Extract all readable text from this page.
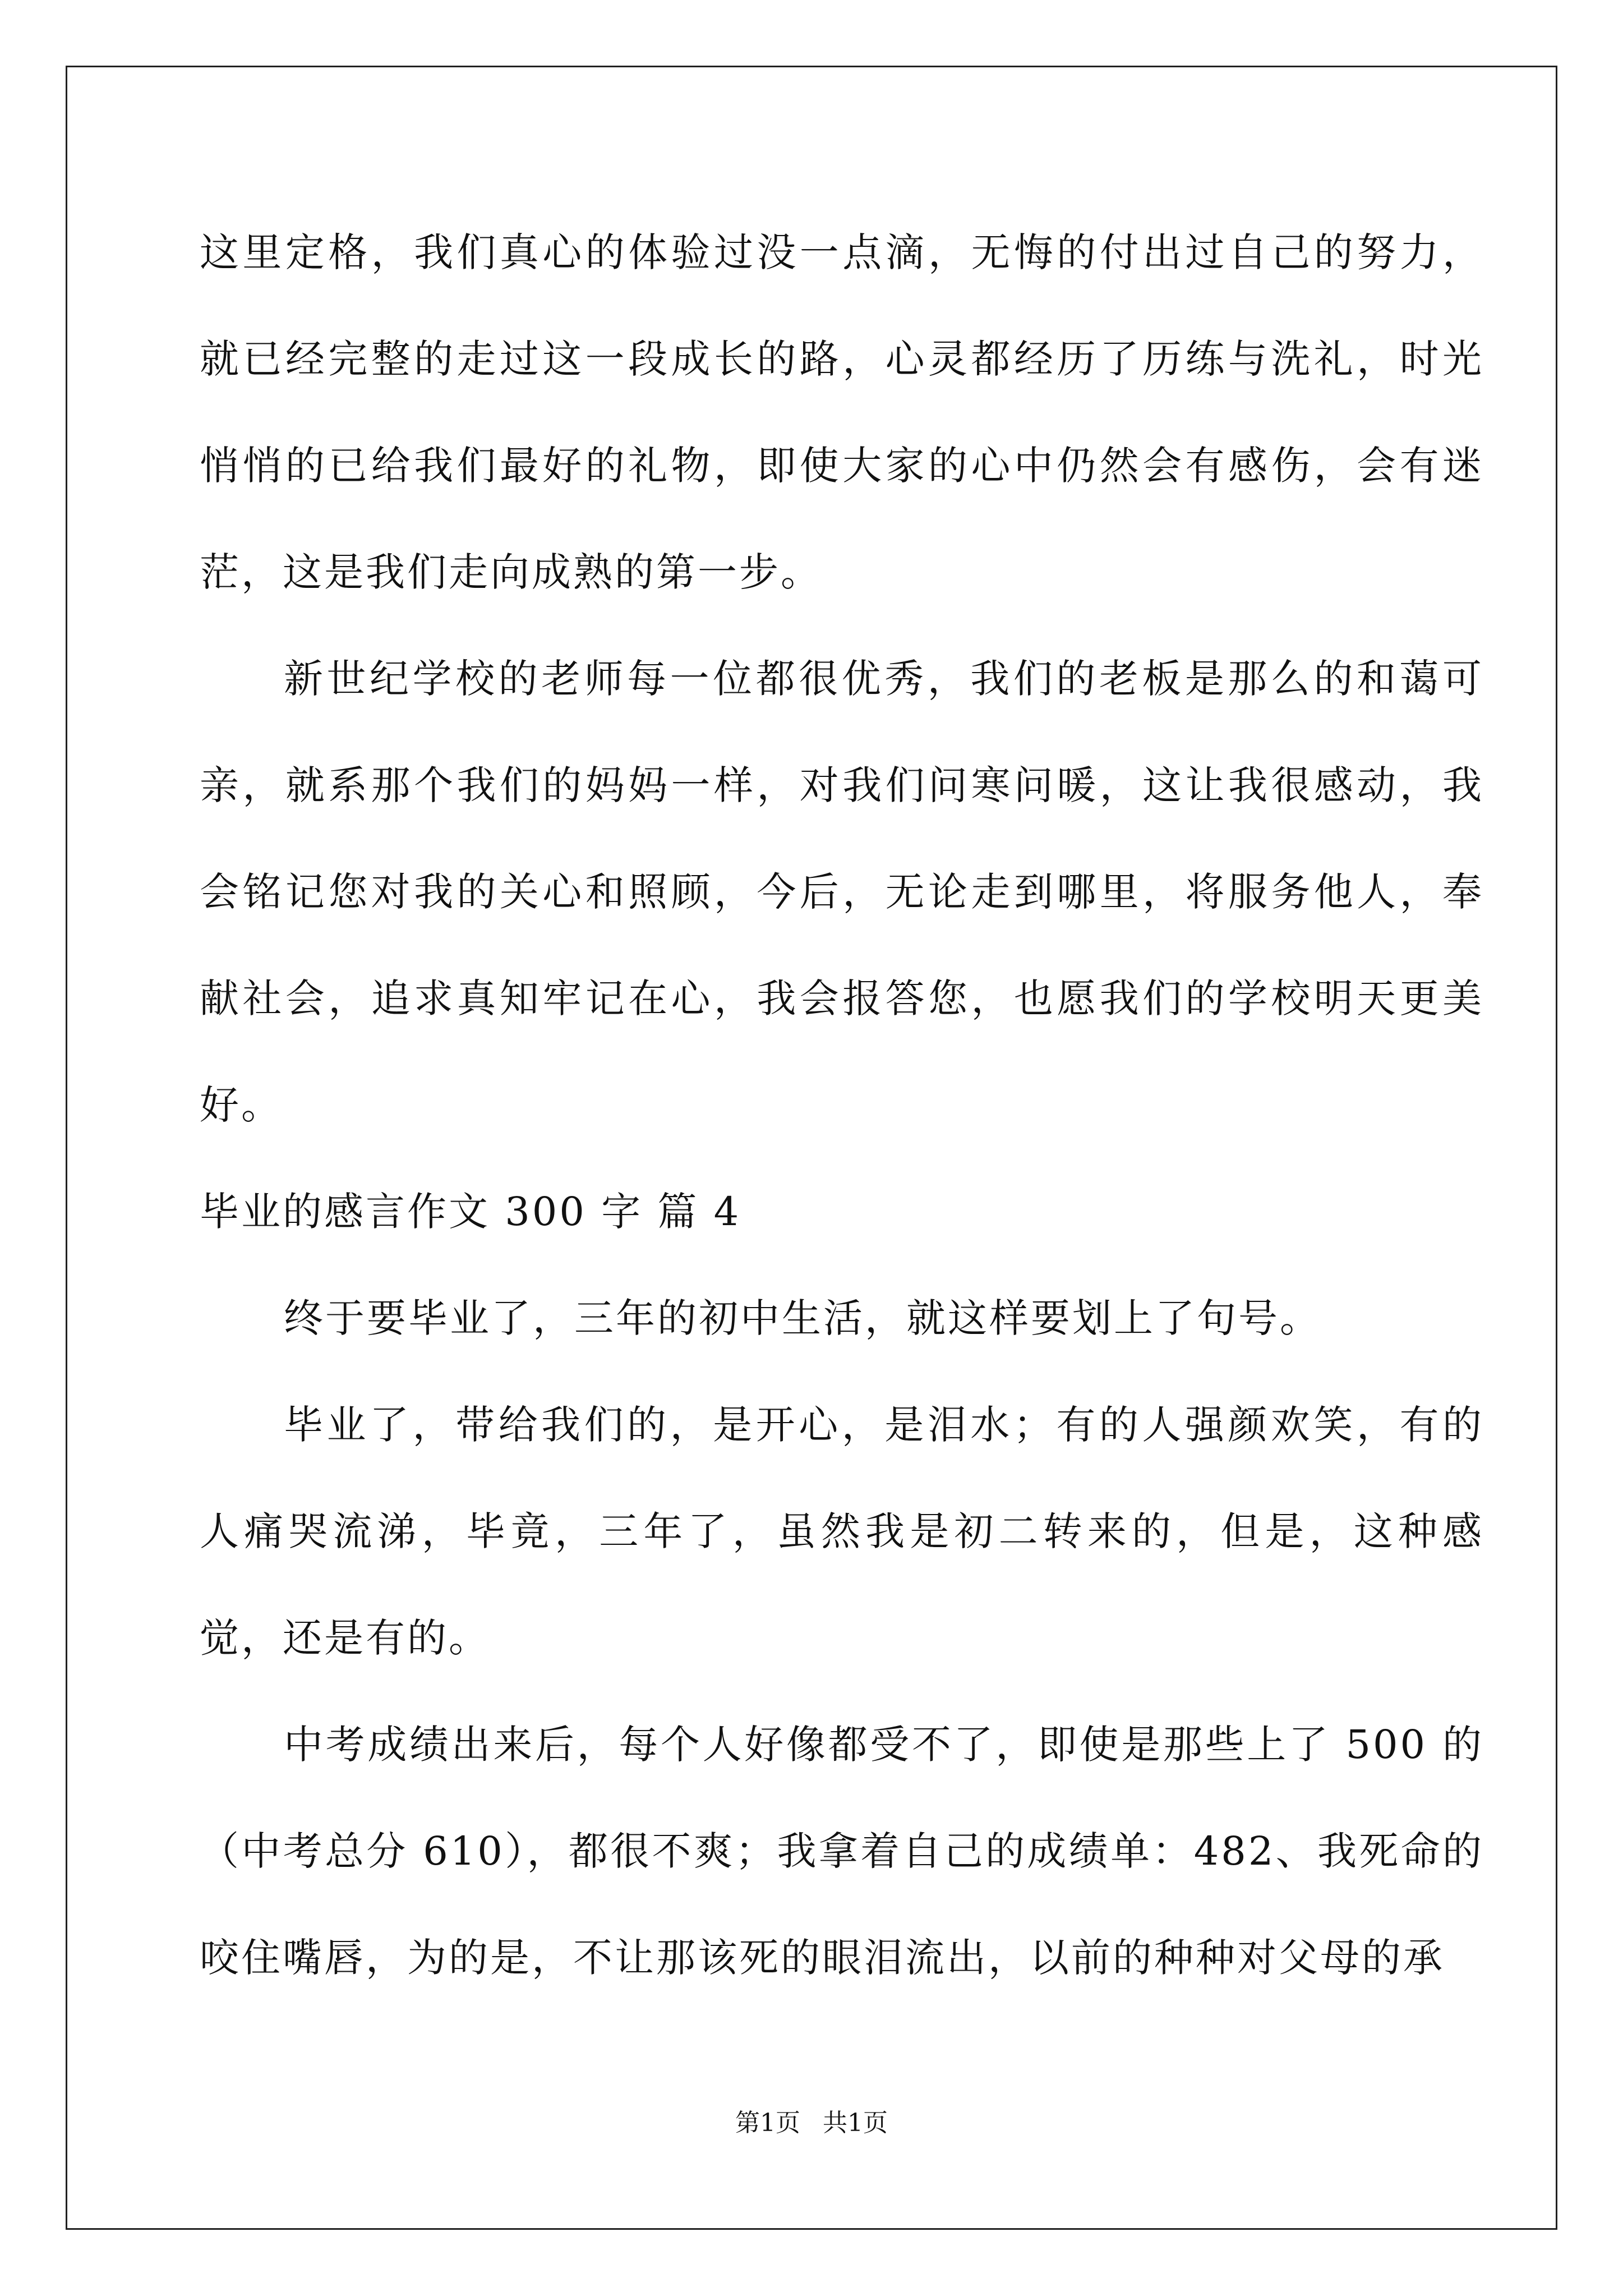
这里定格，我们真心的体验过没一点滴，无悔的付出过自己的努力，就已经完整的走过这一段成长的路，心灵都经历了历练与洗礼，时光悄悄的已给我们最好的礼物，即使大家的心中仍然会有感伤，会有迷茫，这是我们走向成熟的第一步。

新世纪学校的老师每一位都很优秀，我们的老板是那么的和蔼可亲，就系那个我们的妈妈一样，对我们问寒问暖，这让我很感动，我会铭记您对我的关心和照顾，今后，无论走到哪里，将服务他人，奉献社会，追求真知牢记在心，我会报答您，也愿我们的学校明天更美好。

毕业的感言作文 300 字 篇 4

终于要毕业了，三年的初中生活，就这样要划上了句号。

毕业了，带给我们的，是开心，是泪水；有的人强颜欢笑，有的人痛哭流涕，毕竟，三年了，虽然我是初二转来的，但是，这种感觉，还是有的。

中考成绩出来后，每个人好像都受不了，即使是那些上了 500 的（中考总分 610），都很不爽；我拿着自己的成绩单：482、我死命的咬住嘴唇，为的是，不让那该死的眼泪流出，以前的种种对父母的承

第1页 共1页
